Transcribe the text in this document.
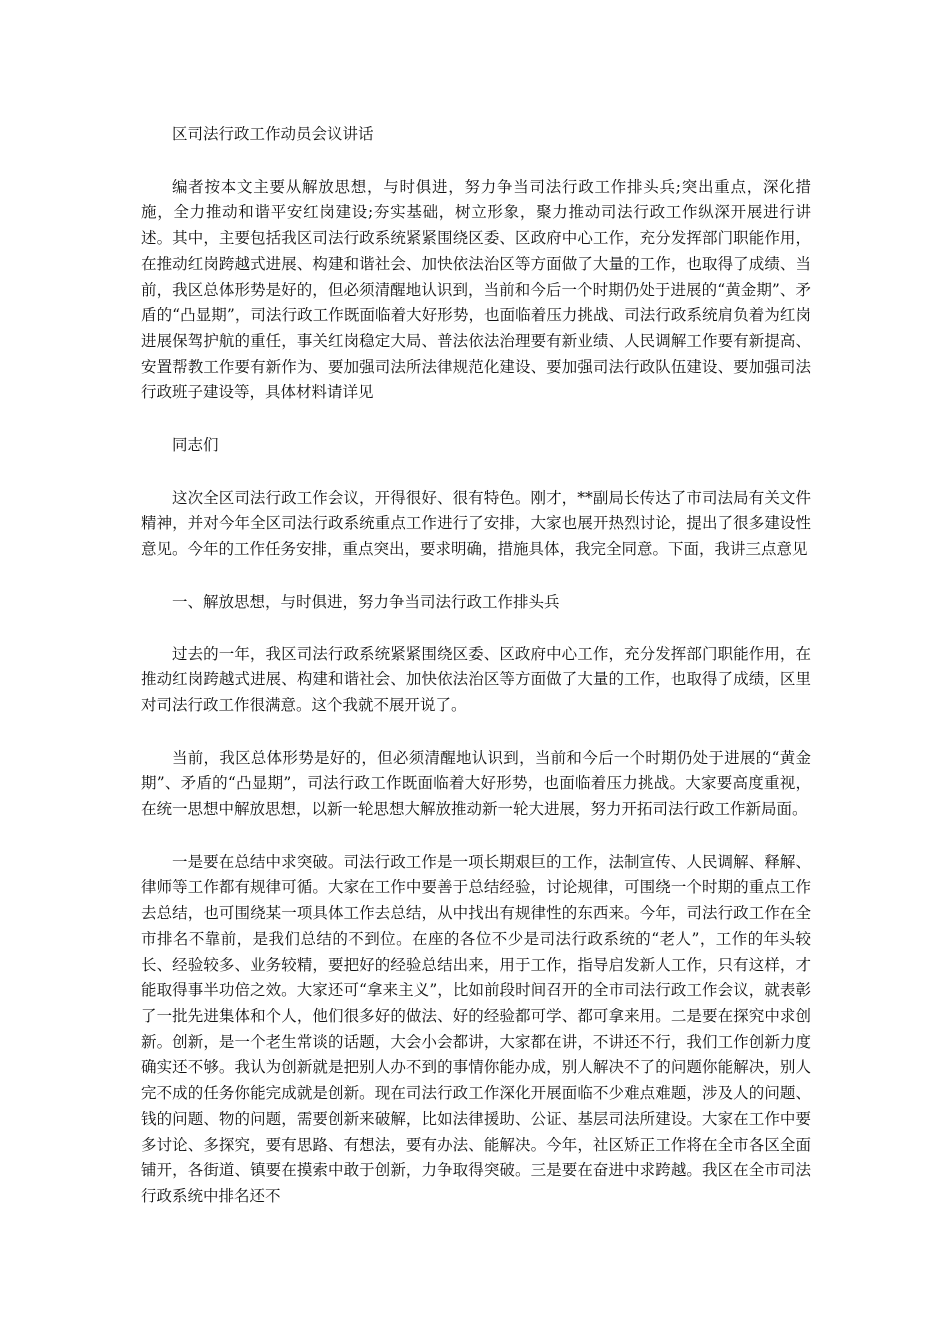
区司法行政工作动员会议讲话

编者按本文主要从解放思想，与时俱进，努力争当司法行政工作排头兵;突出重点，深化措施，全力推动和谐平安红岗建设;夯实基础，树立形象，聚力推动司法行政工作纵深开展进行讲述。其中，主要包括我区司法行政系统紧紧围绕区委、区政府中心工作，充分发挥部门职能作用，在推动红岗跨越式进展、构建和谐社会、加快依法治区等方面做了大量的工作，也取得了成绩、当前，我区总体形势是好的，但必须清醒地认识到，当前和今后一个时期仍处于进展的“黄金期”、矛盾的“凸显期”，司法行政工作既面临着大好形势，也面临着压力挑战、司法行政系统肩负着为红岗进展保驾护航的重任，事关红岗稳定大局、普法依法治理要有新业绩、人民调解工作要有新提高、安置帮教工作要有新作为、要加强司法所法律规范化建设、要加强司法行政队伍建设、要加强司法行政班子建设等，具体材料请详见

同志们

这次全区司法行政工作会议，开得很好、很有特色。刚才，**副局长传达了市司法局有关文件精神，并对今年全区司法行政系统重点工作进行了安排，大家也展开热烈讨论，提出了很多建设性意见。今年的工作任务安排，重点突出，要求明确，措施具体，我完全同意。下面，我讲三点意见

一、解放思想，与时俱进，努力争当司法行政工作排头兵

过去的一年，我区司法行政系统紧紧围绕区委、区政府中心工作，充分发挥部门职能作用，在推动红岗跨越式进展、构建和谐社会、加快依法治区等方面做了大量的工作，也取得了成绩，区里对司法行政工作很满意。这个我就不展开说了。

当前，我区总体形势是好的，但必须清醒地认识到，当前和今后一个时期仍处于进展的“黄金期”、矛盾的“凸显期”，司法行政工作既面临着大好形势，也面临着压力挑战。大家要高度重视，在统一思想中解放思想，以新一轮思想大解放推动新一轮大进展，努力开拓司法行政工作新局面。

一是要在总结中求突破。司法行政工作是一项长期艰巨的工作，法制宣传、人民调解、释解、律师等工作都有规律可循。大家在工作中要善于总结经验，讨论规律，可围绕一个时期的重点工作去总结，也可围绕某一项具体工作去总结，从中找出有规律性的东西来。今年，司法行政工作在全市排名不靠前，是我们总结的不到位。在座的各位不少是司法行政系统的“老人”，工作的年头较长、经验较多、业务较精，要把好的经验总结出来，用于工作，指导启发新人工作，只有这样，才能取得事半功倍之效。大家还可“拿来主义”，比如前段时间召开的全市司法行政工作会议，就表彰了一批先进集体和个人，他们很多好的做法、好的经验都可学、都可拿来用。二是要在探究中求创新。创新，是一个老生常谈的话题，大会小会都讲，大家都在讲，不讲还不行，我们工作创新力度确实还不够。我认为创新就是把别人办不到的事情你能办成，别人解决不了的问题你能解决，别人完不成的任务你能完成就是创新。现在司法行政工作深化开展面临不少难点难题，涉及人的问题、钱的问题、物的问题，需要创新来破解，比如法律援助、公证、基层司法所建设。大家在工作中要多讨论、多探究，要有思路、有想法，要有办法、能解决。今年，社区矫正工作将在全市各区全面铺开，各街道、镇要在摸索中敢于创新，力争取得突破。三是要在奋进中求跨越。我区在全市司法行政系统中排名还不
